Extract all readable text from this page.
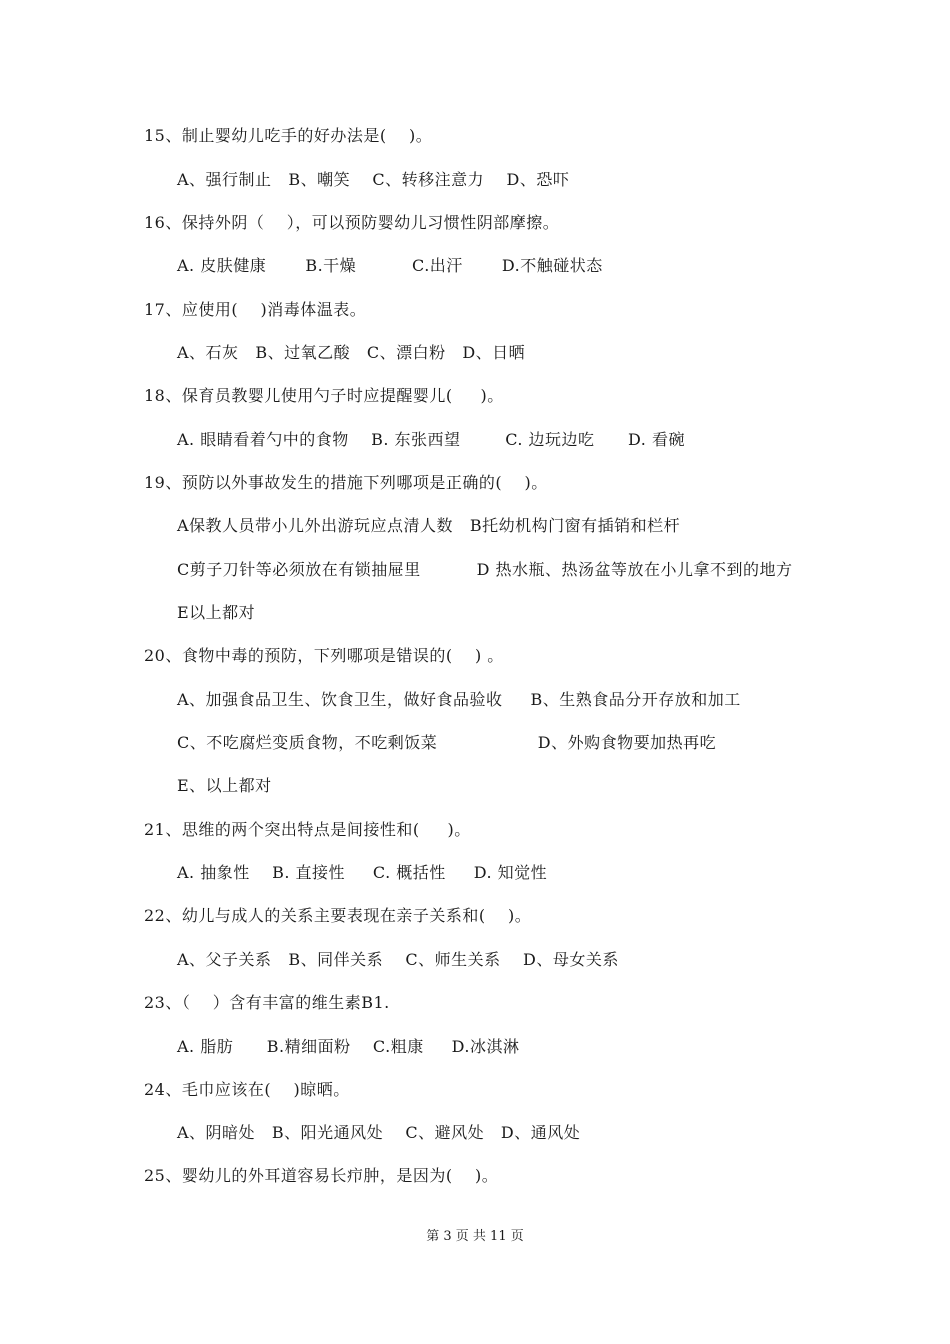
15、制止婴幼儿吃手的好办法是(    )。
A、强行制止   B、嘲笑    C、转移注意力    D、恐吓
16、保持外阴（    ），可以预防婴幼儿习惯性阴部摩擦。
A. 皮肤健康       B.干燥          C.出汗       D.不触碰状态
17、应使用(    )消毒体温表。
A、石灰   B、过氧乙酸   C、漂白粉   D、日晒
18、保育员教婴儿使用勺子时应提醒婴儿(     )。
A. 眼睛看着勺中的食物    B. 东张西望        C. 边玩边吃      D. 看碗
19、预防以外事故发生的措施下列哪项是正确的(    )。
A保教人员带小儿外出游玩应点清人数   B托幼机构门窗有插销和栏杆
C剪子刀针等必须放在有锁抽屉里          D 热水瓶、热汤盆等放在小儿拿不到的地方
E以上都对
20、食物中毒的预防，下列哪项是错误的(    ) 。
A、加强食品卫生、饮食卫生，做好食品验收     B、生熟食品分开存放和加工
C、不吃腐烂变质食物，不吃剩饭菜                  D、外购食物要加热再吃
E、以上都对
21、思维的两个突出特点是间接性和(     )。
A. 抽象性    B. 直接性     C. 概括性     D. 知觉性
22、幼儿与成人的关系主要表现在亲子关系和(    )。
A、父子关系   B、同伴关系    C、师生关系    D、母女关系
23、（    ）含有丰富的维生素B1.
A. 脂肪      B.精细面粉    C.粗康     D.冰淇淋
24、毛巾应该在(    )晾晒。
A、阴暗处   B、阳光通风处    C、避风处   D、通风处
25、婴幼儿的外耳道容易长疖肿，是因为(    )。
第 3 页 共 11 页
